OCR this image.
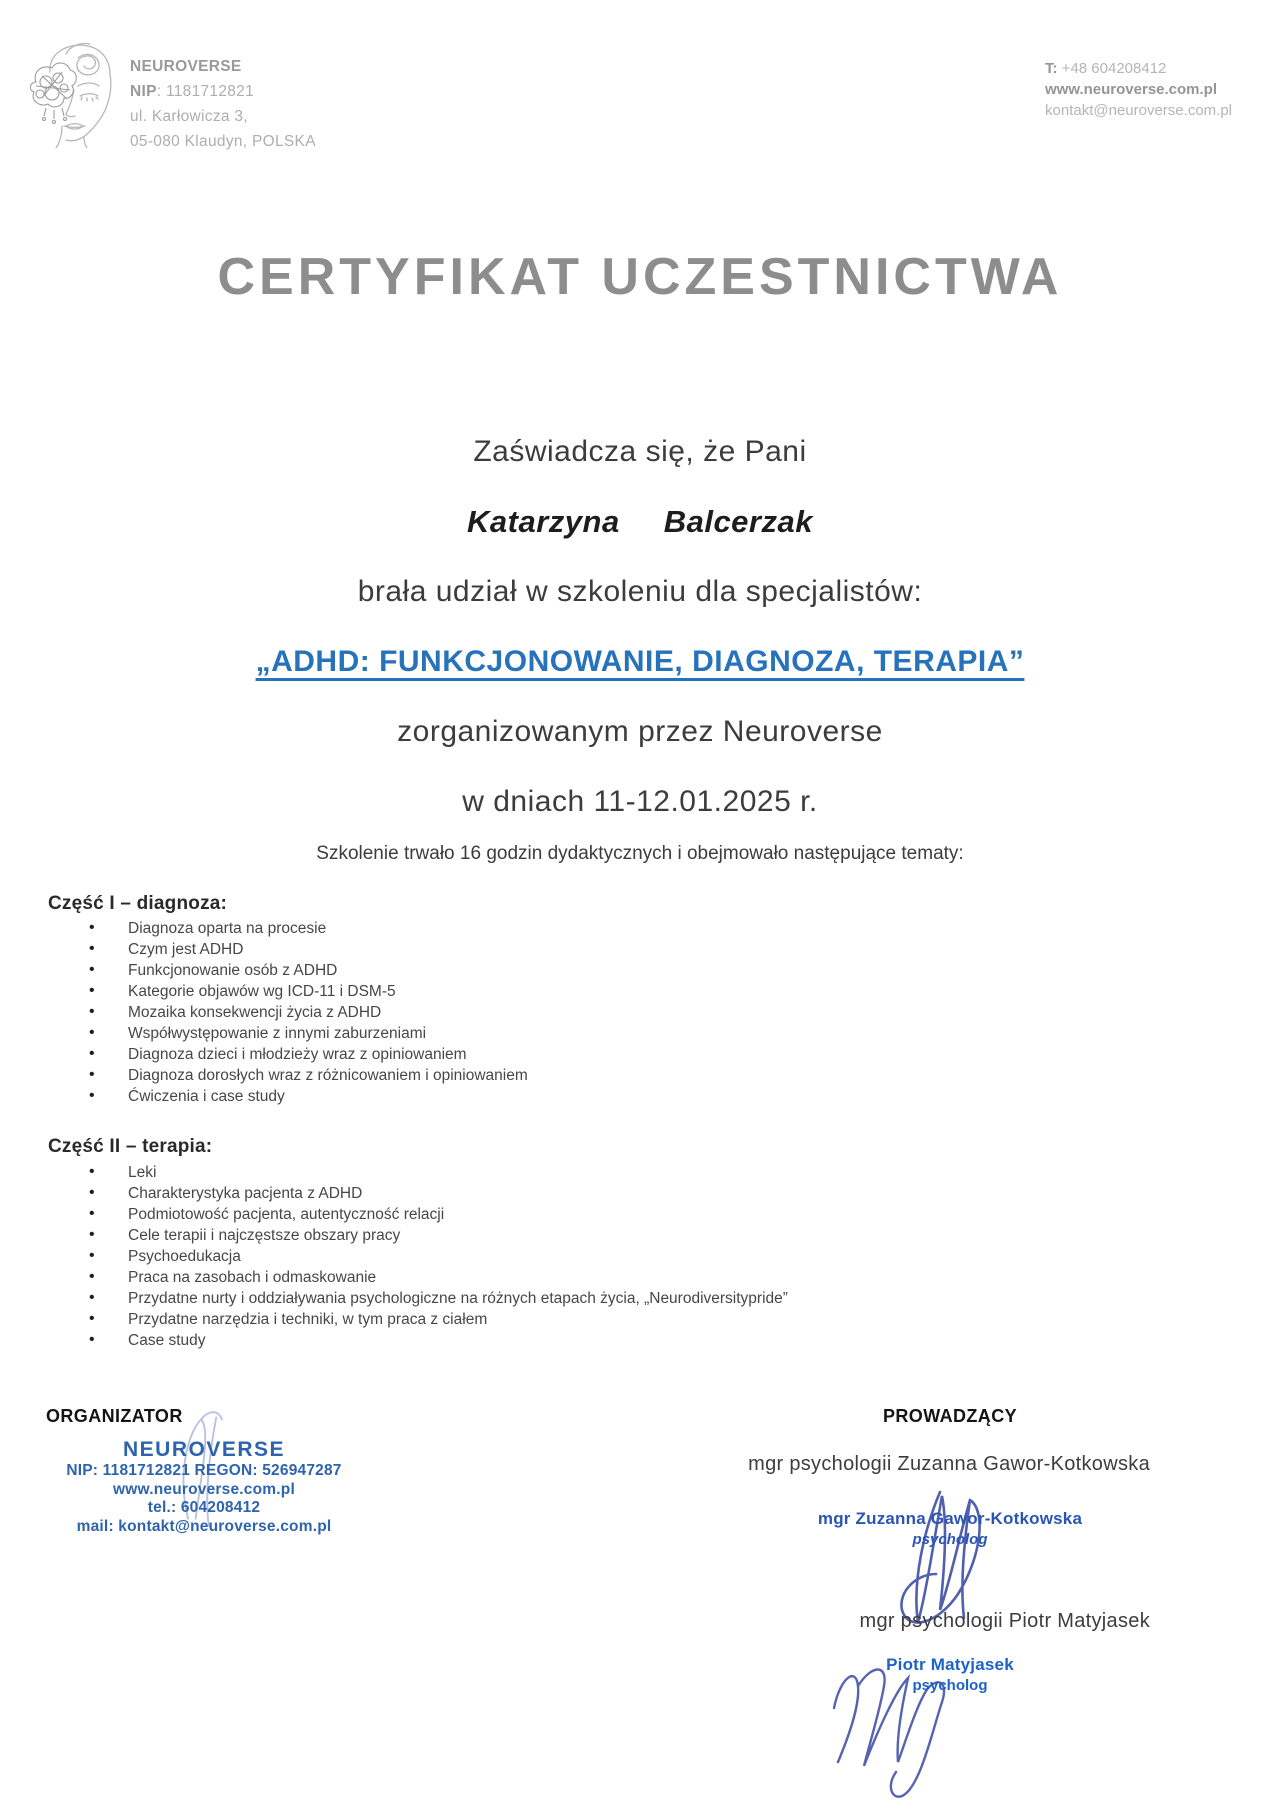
NEUROVERSE
NIP: 1181712821
ul. Karłowicza 3,
05-080 Klaudyn, POLSKA
T: +48 604208412
www.neuroverse.com.pl
kontakt@neuroverse.com.pl
CERTYFIKAT UCZESTNICTWA
Zaświadcza się, że Pani
Katarzyna Balcerzak
brała udział w szkoleniu dla specjalistów:
„ADHD: FUNKCJONOWANIE, DIAGNOZA, TERAPIA”
zorganizowanym przez Neuroverse
w dniach 11-12.01.2025 r.
Szkolenie trwało 16 godzin dydaktycznych i obejmowało następujące tematy:
Część I – diagnoza:
• Diagnoza oparta na procesie
• Czym jest ADHD
• Funkcjonowanie osób z ADHD
• Kategorie objawów wg ICD-11 i DSM-5
• Mozaika konsekwencji życia z ADHD
• Współwystępowanie z innymi zaburzeniami
• Diagnoza dzieci i młodzieży wraz z opiniowaniem
• Diagnoza dorosłych wraz z różnicowaniem i opiniowaniem
• Ćwiczenia i case study
Część II – terapia:
• Leki
• Charakterystyka pacjenta z ADHD
• Podmiotowość pacjenta, autentyczność relacji
• Cele terapii i najczęstsze obszary pracy
• Psychoedukacja
• Praca na zasobach i odmaskowanie
• Przydatne nurty i oddziaływania psychologiczne na różnych etapach życia, „Neurodiversitypride”
• Przydatne narzędzia i techniki, w tym praca z ciałem
• Case study
ORGANIZATOR
NEUROVERSE
NIP: 1181712821 REGON: 526947287
www.neuroverse.com.pl
tel.: 604208412
mail: kontakt@neuroverse.com.pl
PROWADZĄCY
mgr psychologii Zuzanna Gawor-Kotkowska
mgr Zuzanna Gawor-Kotkowska
psycholog
mgr psychologii Piotr Matyjasek
Piotr Matyjasek
psycholog
